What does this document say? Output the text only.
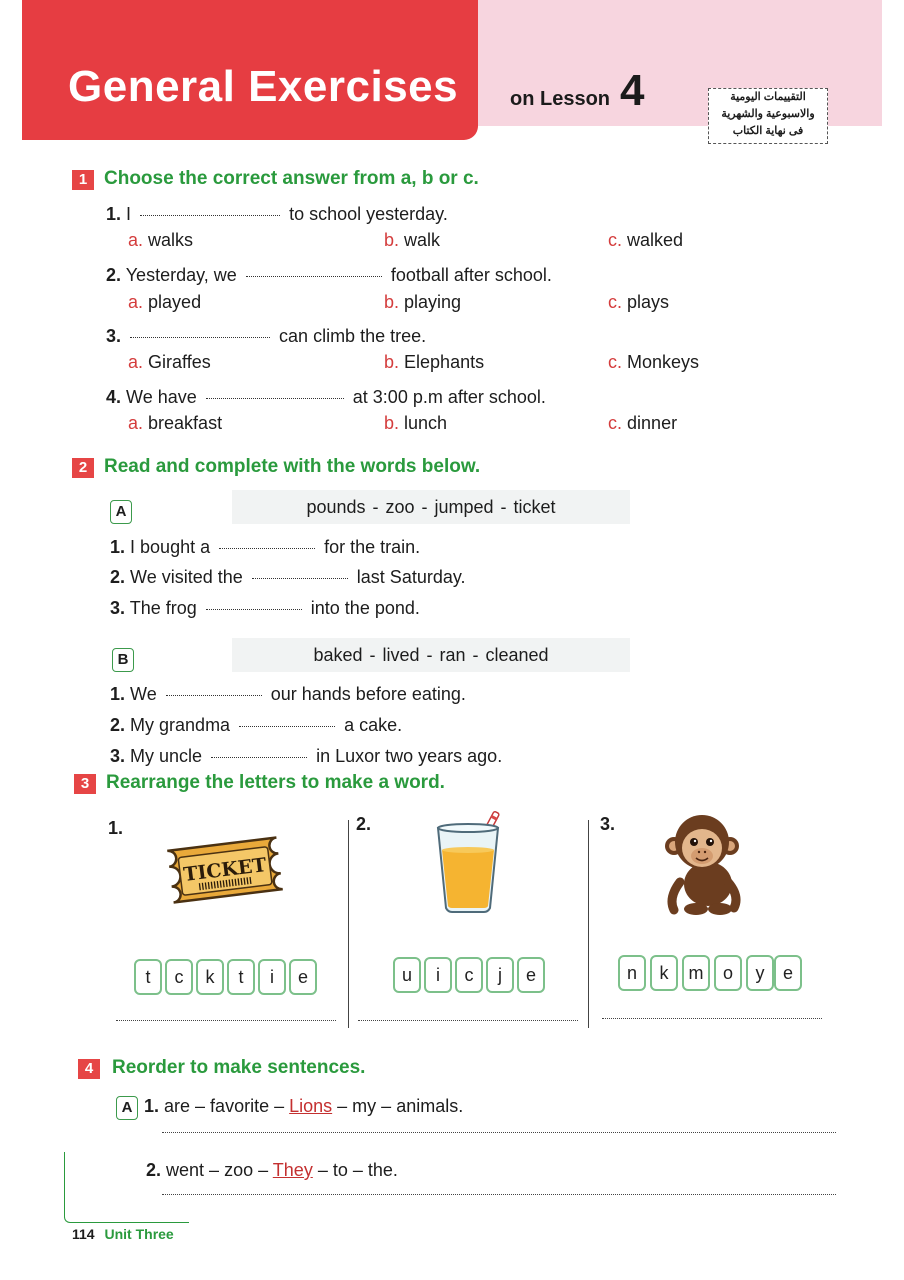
General Exercises	on Lesson 4	التقييمات اليومية
والاسبوعية والشهرية
فى نهاية الكتاب
1 Choose the correct answer from a, b or c.
1. I	to school yesterday.
a. walks	b. walk	c. walked
2. Yesterday, we	football after school.
a. played	b. playing	c. plays
3.	can climb the tree.
a. Giraffes	b. Elephants	c. Monkeys
4. We have	at 3:00 p.m after school.
a. breakfast	b. lunch	c. dinner
2 Read and complete with the words below.
A	pounds - zoo - jumped - ticket
1. I bought a	for the train.
2. We visited the	last Saturday.
3. The frog	into the pond.
B	baked - lived - ran - cleaned
1. We	our hands before eating.
2. My grandma	a cake.
3. My uncle	in Luxor two years ago.
3 Rearrange the letters to make a word.
1.	2.	3.
TICKET
t	c	k	t	i	e	u	i	c	j	e	n	k	m	o	y	e
4 Reorder to make sentences.
A 1. are – favorite – Lions – my – animals.
2. went – zoo – They – to – the.
114 Unit Three
